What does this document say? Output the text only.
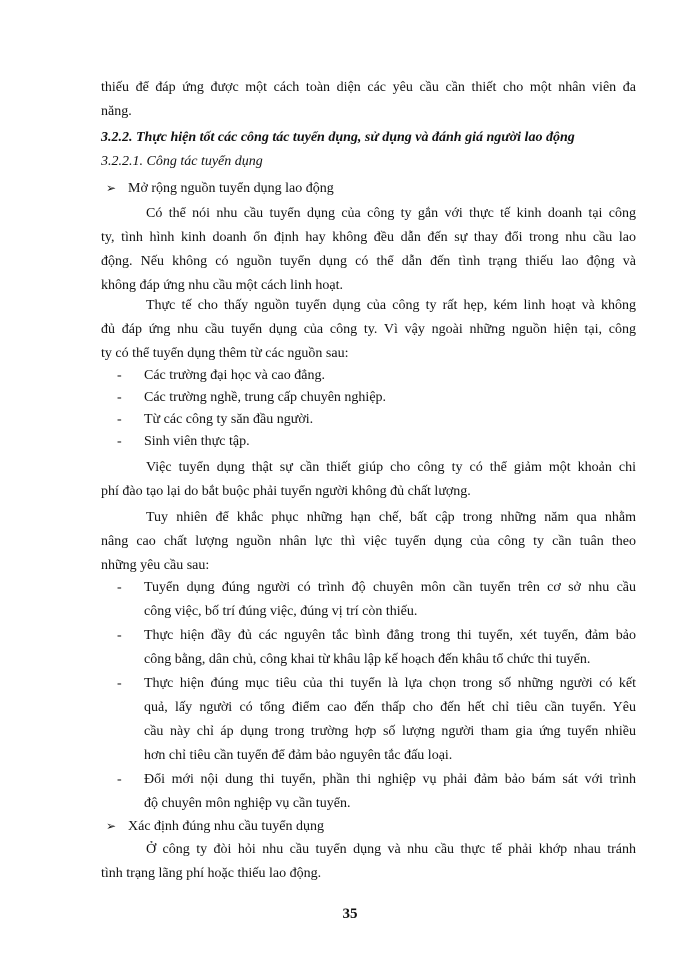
thiếu để đáp ứng được một cách toàn diện các yêu cầu cần thiết cho một nhân viên đa
năng.
3.2.2. Thực hiện tốt các công tác tuyển dụng, sử dụng và đánh giá người lao động
3.2.2.1. Công tác tuyển dụng
➢ Mở rộng nguồn tuyển dụng lao động
Có thể nói nhu cầu tuyển dụng của công ty gắn với thực tế kinh doanh tại công
ty, tình hình kinh doanh ổn định hay không đều dẫn đến sự thay đổi trong nhu cầu lao
động. Nếu không có nguồn tuyển dụng có thể dẫn đến tình trạng thiếu lao động và
không đáp ứng nhu cầu một cách linh hoạt.
Thực tế cho thấy nguồn tuyển dụng của công ty rất hẹp, kém linh hoạt và không
đủ đáp ứng nhu cầu tuyển dụng của công ty. Vì vậy ngoài những nguồn hiện tại, công
ty có thể tuyển dụng thêm từ các nguồn sau:
- Các trường đại học và cao đẳng.
- Các trường nghề, trung cấp chuyên nghiệp.
- Từ các công ty săn đầu người.
- Sinh viên thực tập.
Việc tuyển dụng thật sự cần thiết giúp cho công ty có thể giảm một khoản chi
phí đào tạo lại do bắt buộc phải tuyển người không đủ chất lượng.
Tuy nhiên để khắc phục những hạn chế, bất cập trong những năm qua nhằm
nâng cao chất lượng nguồn nhân lực thì việc tuyển dụng của công ty cần tuân theo
những yêu cầu sau:
- Tuyển dụng đúng người có trình độ chuyên môn cần tuyển trên cơ sở nhu cầu
công việc, bố trí đúng việc, đúng vị trí còn thiếu.
- Thực hiện đầy đủ các nguyên tắc bình đẳng trong thi tuyển, xét tuyển, đảm bảo
công bằng, dân chủ, công khai từ khâu lập kế hoạch đến khâu tổ chức thi tuyển.
- Thực hiện đúng mục tiêu của thi tuyển là lựa chọn trong số những người có kết
quả, lấy người có tổng điểm cao đến thấp cho đến hết chỉ tiêu cần tuyển. Yêu
cầu này chỉ áp dụng trong trường hợp số lượng người tham gia ứng tuyển nhiều
hơn chỉ tiêu cần tuyển để đảm bảo nguyên tắc đấu loại.
- Đổi mới nội dung thi tuyển, phần thi nghiệp vụ phải đảm bảo bám sát với trình
độ chuyên môn nghiệp vụ cần tuyển.
➢ Xác định đúng nhu cầu tuyển dụng
Ở công ty đòi hỏi nhu cầu tuyển dụng và nhu cầu thực tế phải khớp nhau tránh
tình trạng lãng phí hoặc thiếu lao động.
35
